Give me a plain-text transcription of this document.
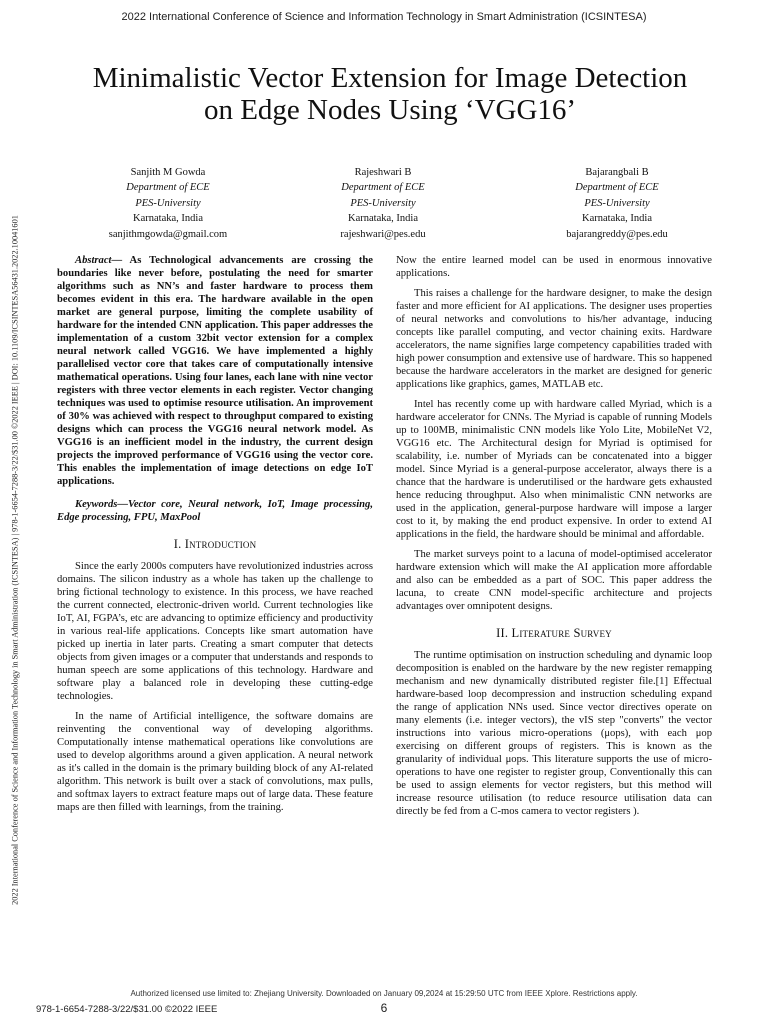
2022 International Conference of Science and Information Technology in Smart Administration (ICSINTESA)
2022 International Conference of Science and Information Technology in Smart Administration (ICSINTESA) | 978-1-6654-7288-3/22/$31.00 ©2022 IEEE | DOI: 10.1109/ICSINTESA56431.2022.10041601
Minimalistic Vector Extension for Image Detection
on Edge Nodes Using ‘VGG16’
Sanjith M Gowda
Department of ECE
PES-University
Karnataka, India
sanjithmgowda@gmail.com
Rajeshwari B
Department of ECE
PES-University
Karnataka, India
rajeshwari@pes.edu
Bajarangbali B
Department of ECE
PES-University
Karnataka, India
bajarangreddy@pes.edu

Abstract— As Technological advancements are crossing the boundaries like never before, postulating the need for smarter algorithms such as NN’s and faster hardware to process them becomes evident in this era. The hardware available in the open market are general purpose, limiting the complete usability of hardware for the intended CNN application. This paper addresses the implementation of a custom 32bit vector extension for a complex neural network called VGG16. We have implemented a highly parallelised vector core that takes care of computationally intensive mathematical operations. Using four lanes, each lane with nine vector registers with three vector elements in each register. Vector changing techniques was used to optimise resource utilisation. An improvement of 30% was achieved with respect to throughput compared to existing designs which can process the VGG16 neural network model. As VGG16 is an inefficient model in the industry, the current design projects the improved performance of VGG16 using the vector core. This enables the implementation of image detections on edge IoT applications.

Keywords—Vector core, Neural network, IoT, Image processing, Edge processing, FPU, MaxPool

I. Introduction

Since the early 2000s computers have revolutionized industries across domains. The silicon industry as a whole has taken up the challenge to bring fictional technology to existence. In this process, we have reached the current connected, electronic-driven world. Current technologies like IoT, AI, FGPA’s, etc are advancing to optimize efficiency and productivity in various real-life applications. Concepts like smart automation have picked up inertia in later parts. Creating a smart computer that detects objects from given images or a computer that understands and responds to human speech are some applications of this technology. Hardware and software play a balanced role in developing these cutting-edge technologies.

In the name of Artificial intelligence, the software domains are reinventing the conventional way of developing algorithms. Computationally intense mathematical operations like convolutions are used to develop algorithms around a given application. A neural network as it's called in the domain is the primary building block of any AI-related algorithm. This network is built over a stack of convolutions, max pulls, and softmax layers to extract feature maps out of large data. These feature maps are then filled with learnings, from the training.

Now the entire learned model can be used in enormous innovative applications.

This raises a challenge for the hardware designer, to make the design faster and more efficient for AI applications. The designer uses properties of neural networks and convolutions to his/her advantage, inducing concepts like parallel computing, and vector chaining exits. Hardware accelerators, the name signifies large competency capabilities traded with high power consumption and extensive use of hardware. This so happened because the hardware accelerators in the market are designed for generic applications like graphics, games, MATLAB etc.

Intel has recently come up with hardware called Myriad, which is a hardware accelerator for CNNs. The Myriad is capable of running Models up to 100MB, minimalistic CNN models like Yolo Lite, MobileNet V2, VGG16 etc. The Architectural design for Myriad is optimised for scalability, i.e. number of Myriads can be concatenated into a bigger model. Since Myriad is a general-purpose accelerator, always there is a chance that the hardware is underutilised or the hardware gets exhausted hence reducing throughput. Also when minimalistic CNN networks are used in the application, general-purpose hardware will impose a larger cost to it, by making the end product expensive. In order to extend AI applications in the field, the hardware should be minimal and affordable.

The market surveys point to a lacuna of model-optimised accelerator hardware extension which will make the AI application more affordable and also can be embedded as a part of SOC. This paper address the lacuna, to create CNN model-specific architecture and projects advantages over omnipotent designs.

II. Literature Survey

The runtime optimisation on instruction scheduling and dynamic loop decomposition is enabled on the hardware by the new register remapping mechanism and new dynamically distributed register file.[1] Effectual hardware-based loop decompression and instruction scheduling expand the range of application NNs used. Since vector directives operate on many elements (i.e. integer vectors), the vIS step "converts" the vector instructions into various micro-operations (μops), with each μop exercising on different groups of registers. This is known as the granularity of individual μops. This literature supports the use of micro-operations to have one register to register group, Conventionally this can be used to assign elements for vector registers, but this method will increase resource utilisation (to reduce resource utilisation data can directly be fed from a C-mos camera to vector registers ).

Authorized licensed use limited to: Zhejiang University. Downloaded on January 09,2024 at 15:29:50 UTC from IEEE Xplore. Restrictions apply.
978-1-6654-7288-3/22/$31.00 ©2022 IEEE	6
